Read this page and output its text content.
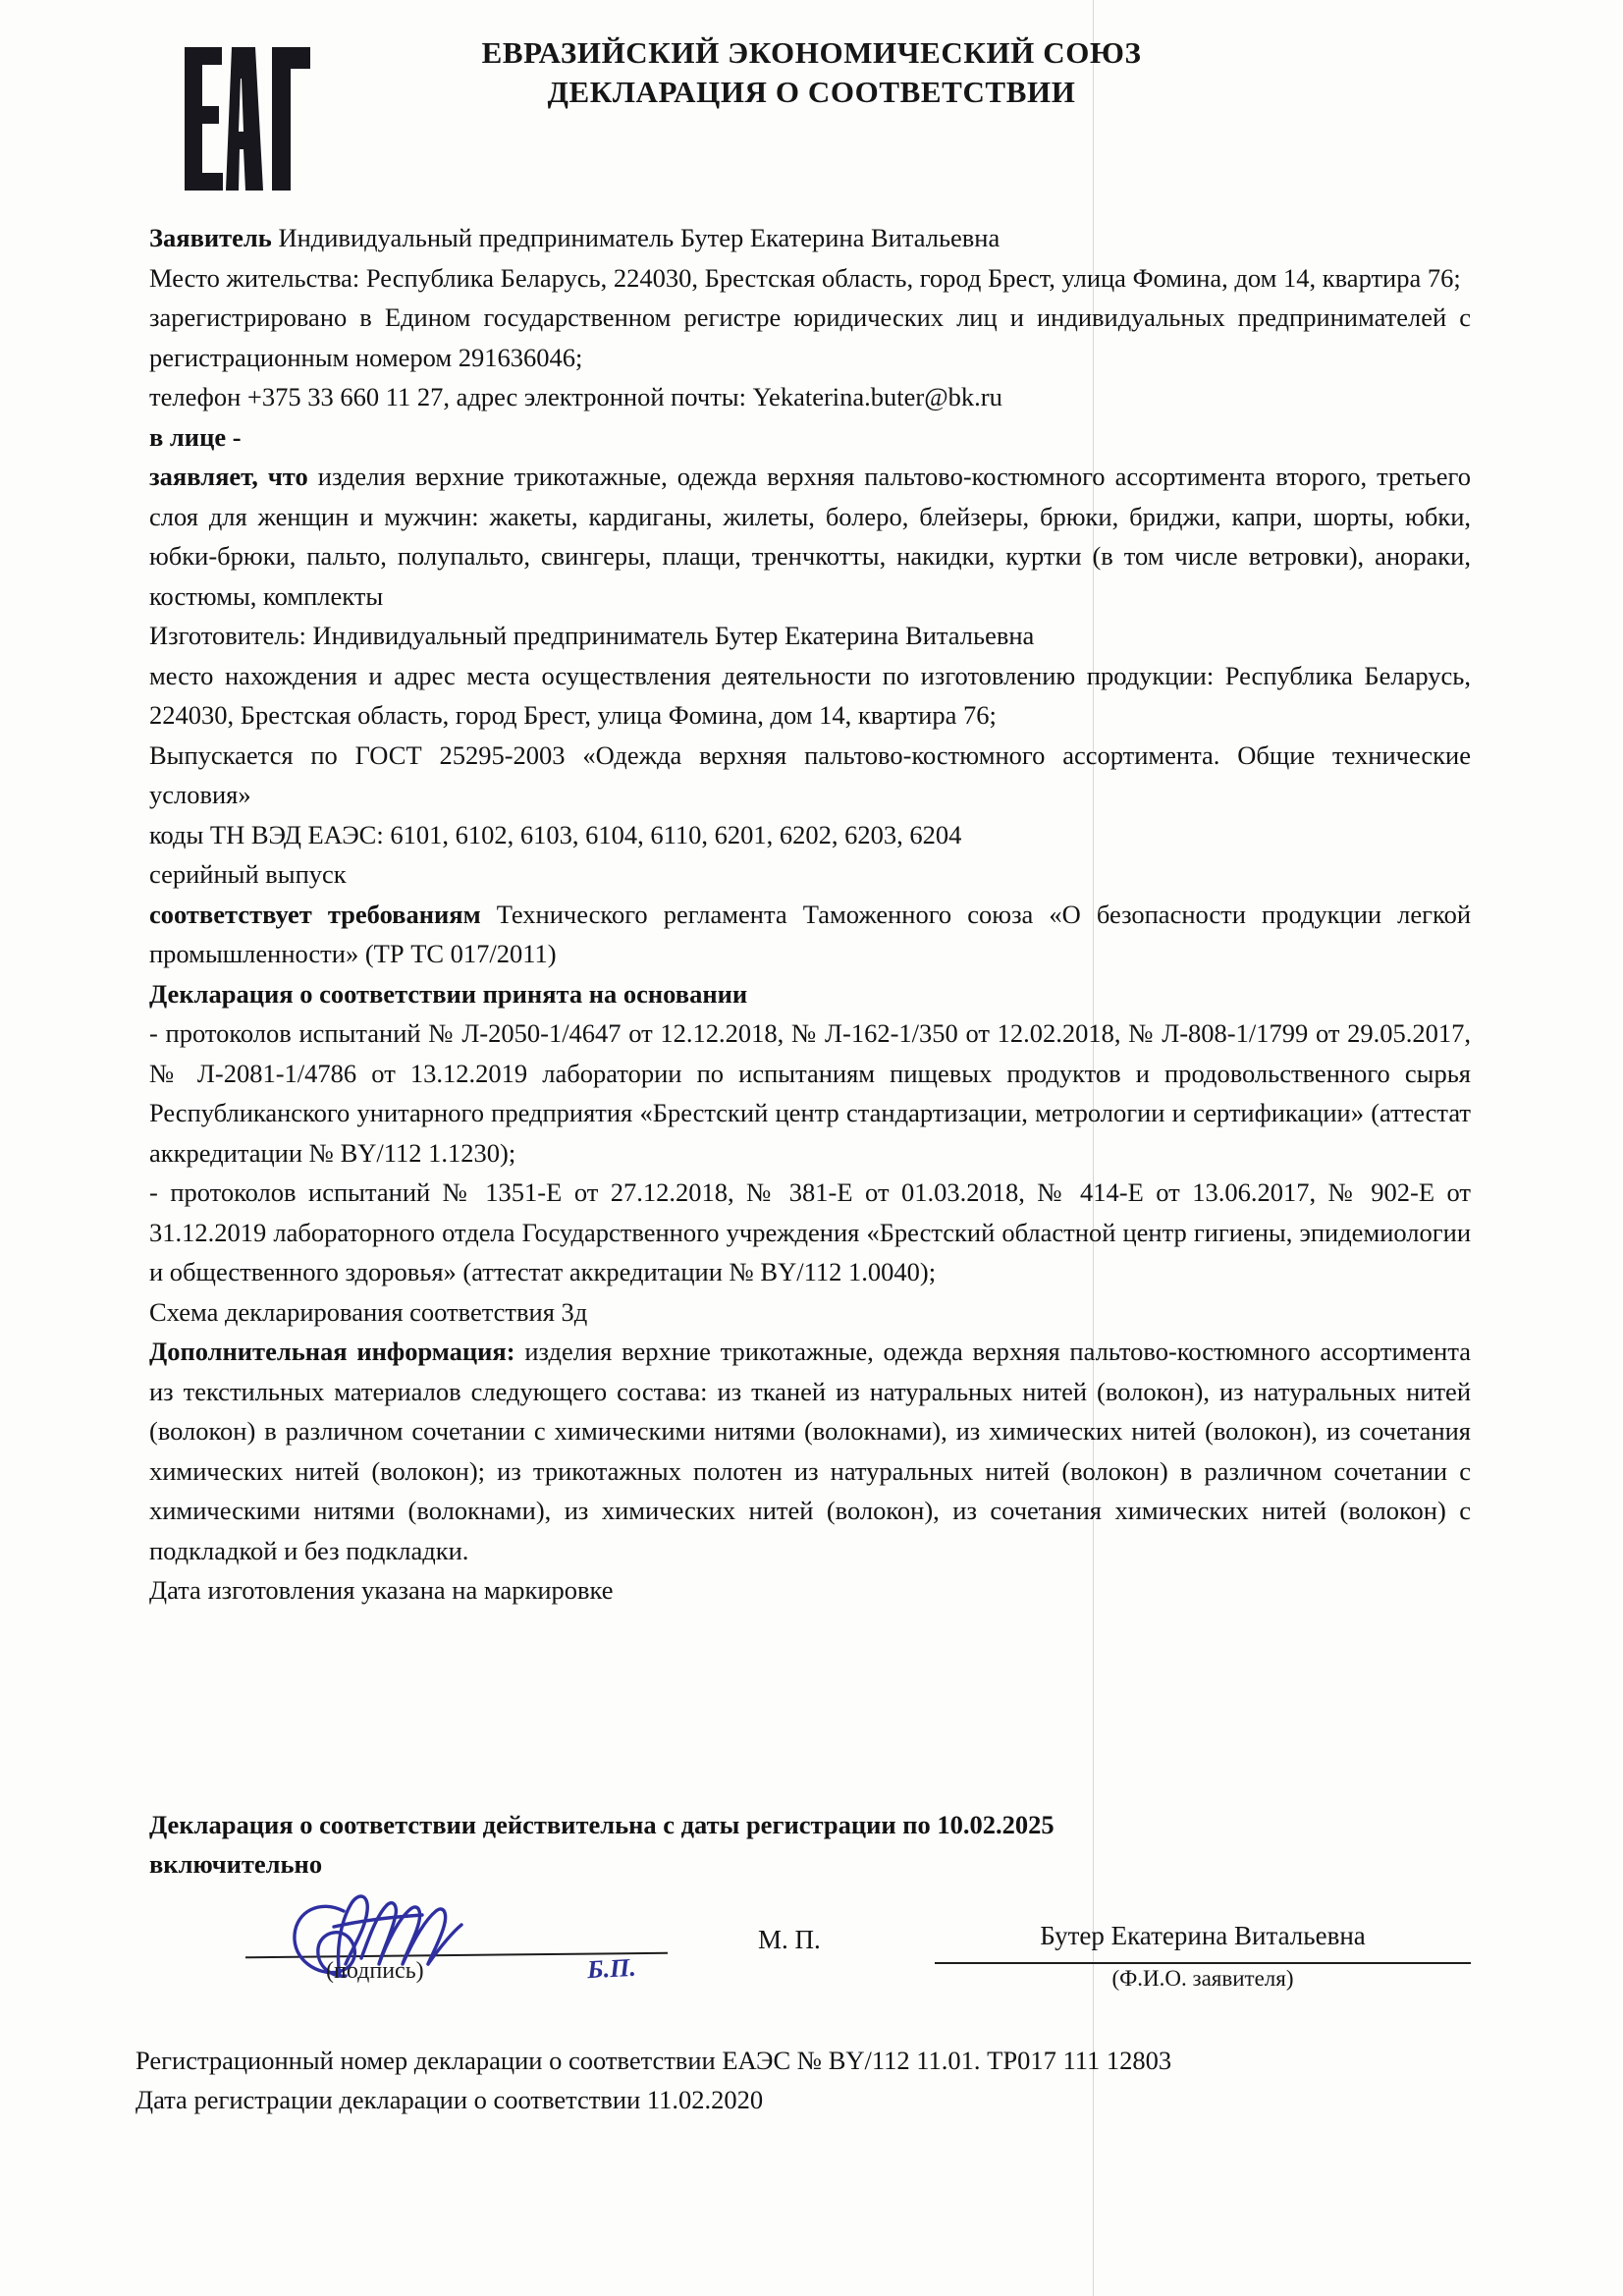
ЕВРАЗИЙСКИЙ ЭКОНОМИЧЕСКИЙ СОЮЗ
ДЕКЛАРАЦИЯ О СООТВЕТСТВИИ

Заявитель Индивидуальный предприниматель Бутер Екатерина Витальевна

Место жительства: Республика Беларусь, 224030, Брестская область, город Брест, улица Фомина, дом 14, квартира 76;

зарегистрировано в Едином государственном регистре юридических лиц и индивидуальных предпринимателей с регистрационным номером 291636046;

телефон +375 33 660 11 27, адрес электронной почты: Yekaterina.buter@bk.ru

в лице -

заявляет, что изделия верхние трикотажные, одежда верхняя пальтово-костюмного ассортимента второго, третьего слоя для женщин и мужчин: жакеты, кардиганы, жилеты, болеро, блейзеры, брюки, бриджи, капри, шорты, юбки, юбки-брюки, пальто, полупальто, свингеры, плащи, тренчкотты, накидки, куртки (в том числе ветровки), анораки, костюмы, комплекты

Изготовитель: Индивидуальный предприниматель Бутер Екатерина Витальевна

место нахождения и адрес места осуществления деятельности по изготовлению продукции: Республика Беларусь, 224030, Брестская область, город Брест, улица Фомина, дом 14, квартира 76;

Выпускается по ГОСТ 25295-2003 «Одежда верхняя пальтово-костюмного ассортимента. Общие технические условия»

коды ТН ВЭД ЕАЭС: 6101, 6102, 6103, 6104, 6110, 6201, 6202, 6203, 6204

серийный выпуск

соответствует требованиям Технического регламента Таможенного союза «О безопасности продукции легкой промышленности» (ТР ТС 017/2011)

Декларация о соответствии принята на основании

- протоколов испытаний № Л-2050-1/4647 от 12.12.2018, № Л-162-1/350 от 12.02.2018, № Л-808-1/1799 от 29.05.2017, № Л-2081-1/4786 от 13.12.2019 лаборатории по испытаниям пищевых продуктов и продовольственного сырья Республиканского унитарного предприятия «Брестский центр стандартизации, метрологии и сертификации» (аттестат аккредитации № BY/112 1.1230);

- протоколов испытаний № 1351-Е от 27.12.2018, № 381-Е от 01.03.2018, № 414-Е от 13.06.2017, № 902-Е от 31.12.2019 лабораторного отдела Государственного учреждения «Брестский областной центр гигиены, эпидемиологии и общественного здоровья» (аттестат аккредитации № BY/112 1.0040);

Схема декларирования соответствия 3д

Дополнительная информация: изделия верхние трикотажные, одежда верхняя пальтово-костюмного ассортимента из текстильных материалов следующего состава: из тканей из натуральных нитей (волокон), из натуральных нитей (волокон) в различном сочетании с химическими нитями (волокнами), из химических нитей (волокон), из сочетания химических нитей (волокон); из трикотажных полотен из натуральных нитей (волокон) в различном сочетании с химическими нитями (волокнами), из химических нитей (волокон), из сочетания химических нитей (волокон) с подкладкой и без подкладки.

Дата изготовления указана на маркировке

Декларация о соответствии действительна с даты регистрации по 10.02.2025
включительно
(подпись)	Б.П.
М. П.	Бутер Екатерина Витальевна
(Ф.И.О. заявителя)

Регистрационный номер декларации о соответствии ЕАЭС № BY/112 11.01. ТР017 111 12803

Дата регистрации декларации о соответствии 11.02.2020
